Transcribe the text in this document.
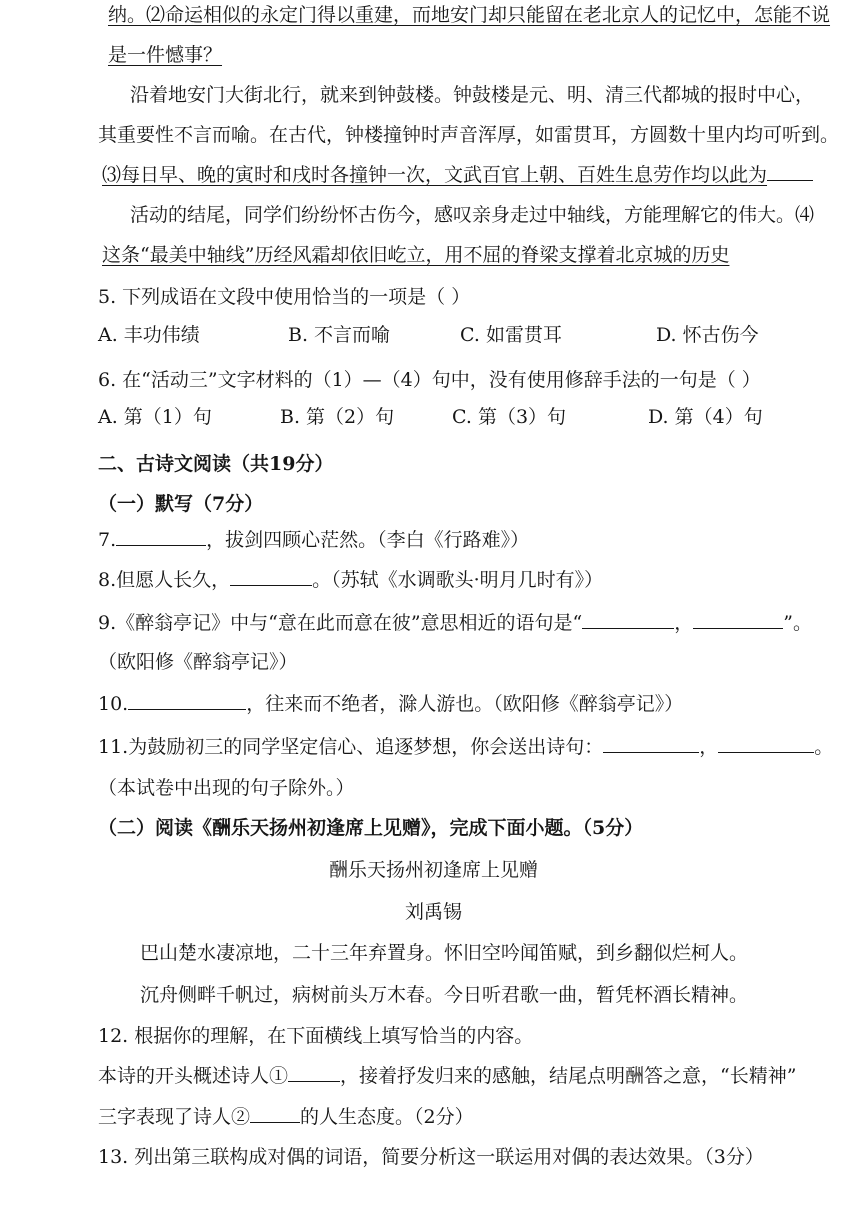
纳。⑵命运相似的永定门得以重建，而地安门却只能留在老北京人的记忆中，怎能不说
是一件憾事？
沿着地安门大街北行，就来到钟鼓楼。钟鼓楼是元、明、清三代都城的报时中心，
其重要性不言而喻。在古代，钟楼撞钟时声音浑厚，如雷贯耳，方圆数十里内均可听到。
⑶每日早、晚的寅时和戌时各撞钟一次，文武百官上朝、百姓生息劳作均以此为
活动的结尾，同学们纷纷怀古伤今，感叹亲身走过中轴线，方能理解它的伟大。⑷
这条“最美中轴线”历经风霜却依旧屹立，用不屈的脊梁支撑着北京城的历史
5. 下列成语在文段中使用恰当的一项是（ ）
A. 丰功伟绩	B. 不言而喻	C. 如雷贯耳	D. 怀古伤今
6. 在“活动三”文字材料的（1）—（4）句中，没有使用修辞手法的一句是（ ）
A. 第（1）句	B. 第（2）句	C. 第（3）句	D. 第（4）句
二、古诗文阅读（共19分）
（一）默写（7分）
7.	，拔剑四顾心茫然。（李白《行路难》）
8.但愿人长久，	。（苏轼《水调歌头·明月几时有》）
9.《醉翁亭记》中与“意在此而意在彼”意思相近的语句是“	，	”。
（欧阳修《醉翁亭记》）
10.	，往来而不绝者，滁人游也。（欧阳修《醉翁亭记》）
11.为鼓励初三的同学坚定信心、追逐梦想，你会送出诗句：	，	。
（本试卷中出现的句子除外。）
（二）阅读《酬乐天扬州初逢席上见赠》，完成下面小题。（5分）
酬乐天扬州初逢席上见赠
刘禹锡
巴山楚水凄凉地，二十三年弃置身。怀旧空吟闻笛赋，到乡翻似烂柯人。
沉舟侧畔千帆过，病树前头万木春。今日听君歌一曲，暂凭杯酒长精神。
12. 根据你的理解，在下面横线上填写恰当的内容。
本诗的开头概述诗人①	，接着抒发归来的感触，结尾点明酬答之意，“长精神”
三字表现了诗人②	的人生态度。（2分）
13. 列出第三联构成对偶的词语，简要分析这一联运用对偶的表达效果。（3分）
